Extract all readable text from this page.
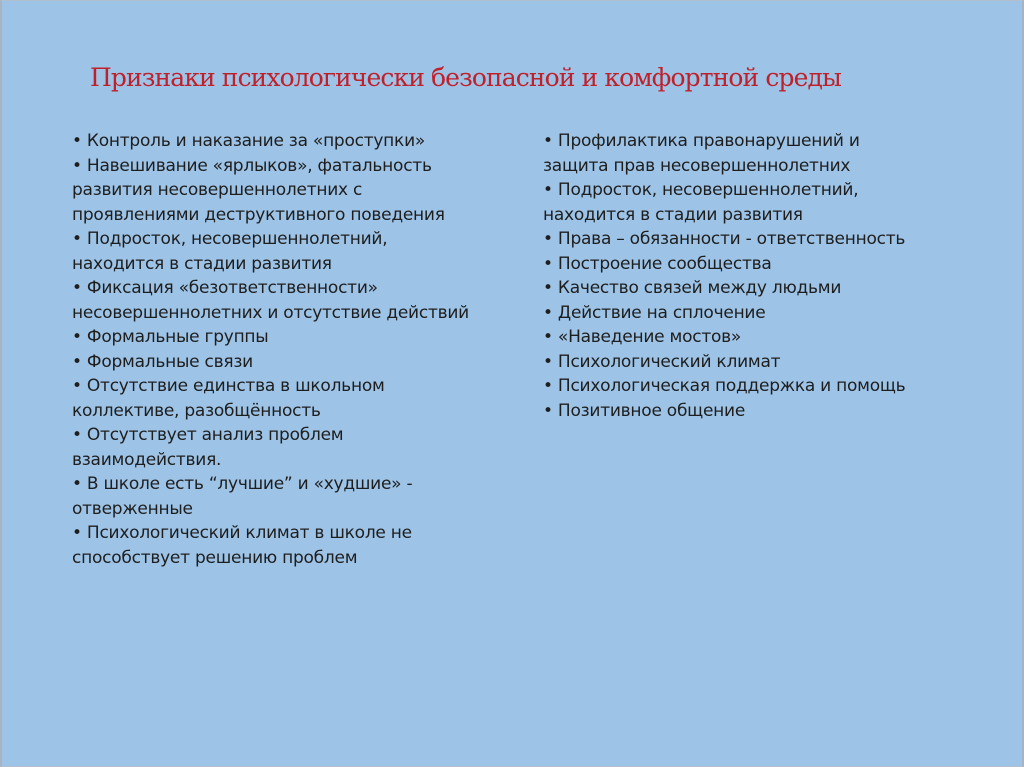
Признаки психологически безопасной и комфортной среды
• Контроль и наказание за «проступки»
• Навешивание «ярлыков», фатальность
развития несовершеннолетних с
проявлениями деструктивного поведения
• Подросток, несовершеннолетний,
находится в стадии развития
• Фиксация «безответственности»
несовершеннолетних и отсутствие действий
• Формальные группы
• Формальные связи
• Отсутствие единства в школьном
коллективе, разобщённость
• Отсутствует анализ проблем
взаимодействия.
• В школе есть “лучшие” и «худшие» -
отверженные
• Психологический климат в школе не
способствует решению проблем
• Профилактика правонарушений и
защита прав несовершеннолетних
• Подросток, несовершеннолетний,
находится в стадии развития
• Права – обязанности - ответственность
• Построение сообщества
• Качество связей между людьми
• Действие на сплочение
• «Наведение мостов»
• Психологический климат
• Психологическая поддержка и помощь
• Позитивное общение
